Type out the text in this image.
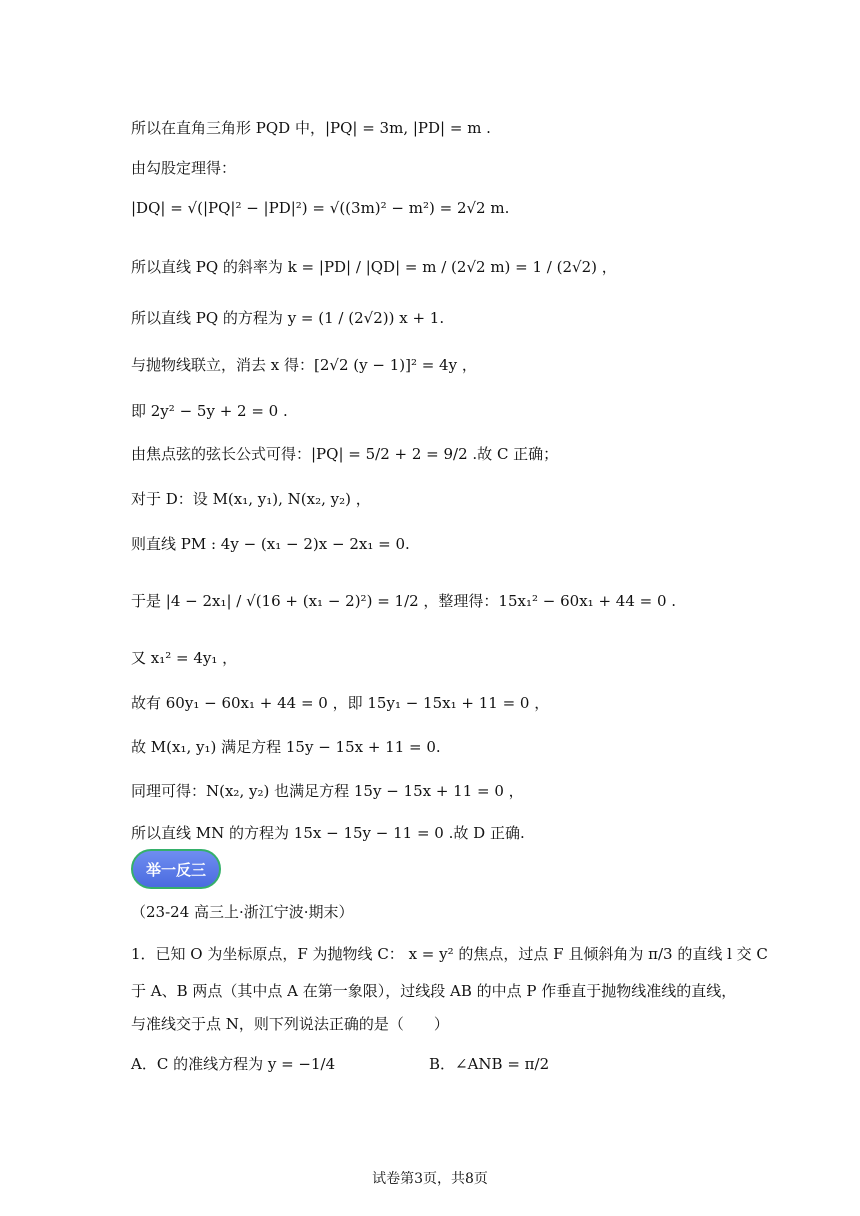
所以在直角三角形 PQD 中，|PQ| = 3m, |PD| = m .
由勾股定理得：
|DQ| = √(|PQ|² − |PD|²) = √((3m)² − m²) = 2√2 m.
所以直线 PQ 的斜率为 k = |PD| / |QD| = m / (2√2 m) = 1 / (2√2) ，
所以直线 PQ 的方程为 y = (1 / (2√2)) x + 1.
与抛物线联立，消去 x 得：[2√2 (y − 1)]² = 4y ，
即 2y² − 5y + 2 = 0 .
由焦点弦的弦长公式可得：|PQ| = 5/2 + 2 = 9/2 .故 C 正确；
对于 D：设 M(x₁, y₁), N(x₂, y₂) ，
则直线 PM : 4y − (x₁ − 2)x − 2x₁ = 0.
于是 |4 − 2x₁| / √(16 + (x₁ − 2)²) = 1/2 ，整理得：15x₁² − 60x₁ + 44 = 0 .
又 x₁² = 4y₁ ，
故有 60y₁ − 60x₁ + 44 = 0 ，即 15y₁ − 15x₁ + 11 = 0 ，
故 M(x₁, y₁) 满足方程 15y − 15x + 11 = 0.
同理可得：N(x₂, y₂) 也满足方程 15y − 15x + 11 = 0 ，
所以直线 MN 的方程为 15x − 15y − 11 = 0 .故 D 正确.
举一反三
（23-24 高三上·浙江宁波·期末）
1．已知 O 为坐标原点，F 为抛物线 C： x = y² 的焦点，过点 F 且倾斜角为 π/3 的直线 l 交 C
于 A、B 两点（其中点 A 在第一象限），过线段 AB 的中点 P 作垂直于抛物线准线的直线，
与准线交于点 N，则下列说法正确的是（　　）
A．C 的准线方程为 y = −1/4	B．∠ANB = π/2
试卷第3页，共8页
